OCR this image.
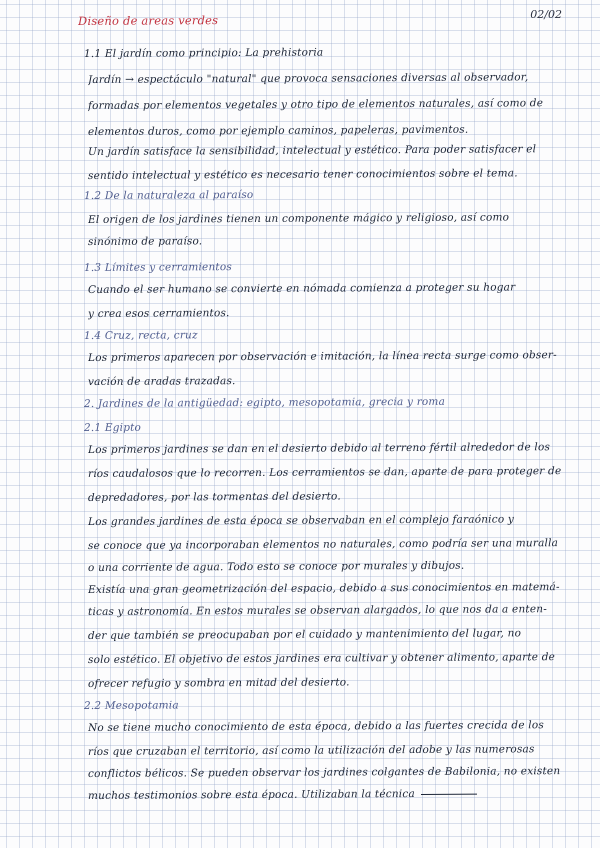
02/02
Diseño de areas verdes
1.1 El jardín como principio: La prehistoria
Jardín → espectáculo "natural" que provoca sensaciones diversas al observador,
formadas por elementos vegetales y otro tipo de elementos naturales, así como de
elementos duros, como por ejemplo caminos, papeleras, pavimentos.
Un jardín satisface la sensibilidad, intelectual y estético. Para poder satisfacer el
sentido intelectual y estético es necesario tener conocimientos sobre el tema.
1.2 De la naturaleza al paraíso
El origen de los jardines tienen un componente mágico y religioso, así como
sinónimo de paraíso.
1.3 Límites y cerramientos
Cuando el ser humano se convierte en nómada comienza a proteger su hogar
y crea esos cerramientos.
1.4 Cruz, recta, cruz
Los primeros aparecen por observación e imitación, la línea recta surge como obser-
vación de aradas trazadas.
2. Jardines de la antigüedad: egipto, mesopotamia, grecia y roma
2.1 Egipto
Los primeros jardines se dan en el desierto debido al terreno fértil alrededor de los
ríos caudalosos que lo recorren. Los cerramientos se dan, aparte de para proteger de
depredadores, por las tormentas del desierto.
Los grandes jardines de esta época se observaban en el complejo faraónico y
se conoce que ya incorporaban elementos no naturales, como podría ser una muralla
o una corriente de agua. Todo esto se conoce por murales y dibujos.
Existía una gran geometrización del espacio, debido a sus conocimientos en matemá-
ticas y astronomía. En estos murales se observan alargados, lo que nos da a enten-
der que también se preocupaban por el cuidado y mantenimiento del lugar, no
solo estético. El objetivo de estos jardines era cultivar y obtener alimento, aparte de
ofrecer refugio y sombra en mitad del desierto.
2.2 Mesopotamia
No se tiene mucho conocimiento de esta época, debido a las fuertes crecida de los
ríos que cruzaban el territorio, así como la utilización del adobe y las numerosas
conflictos bélicos. Se pueden observar los jardines colgantes de Babilonia, no existen
muchos testimonios sobre esta época. Utilizaban la técnica
